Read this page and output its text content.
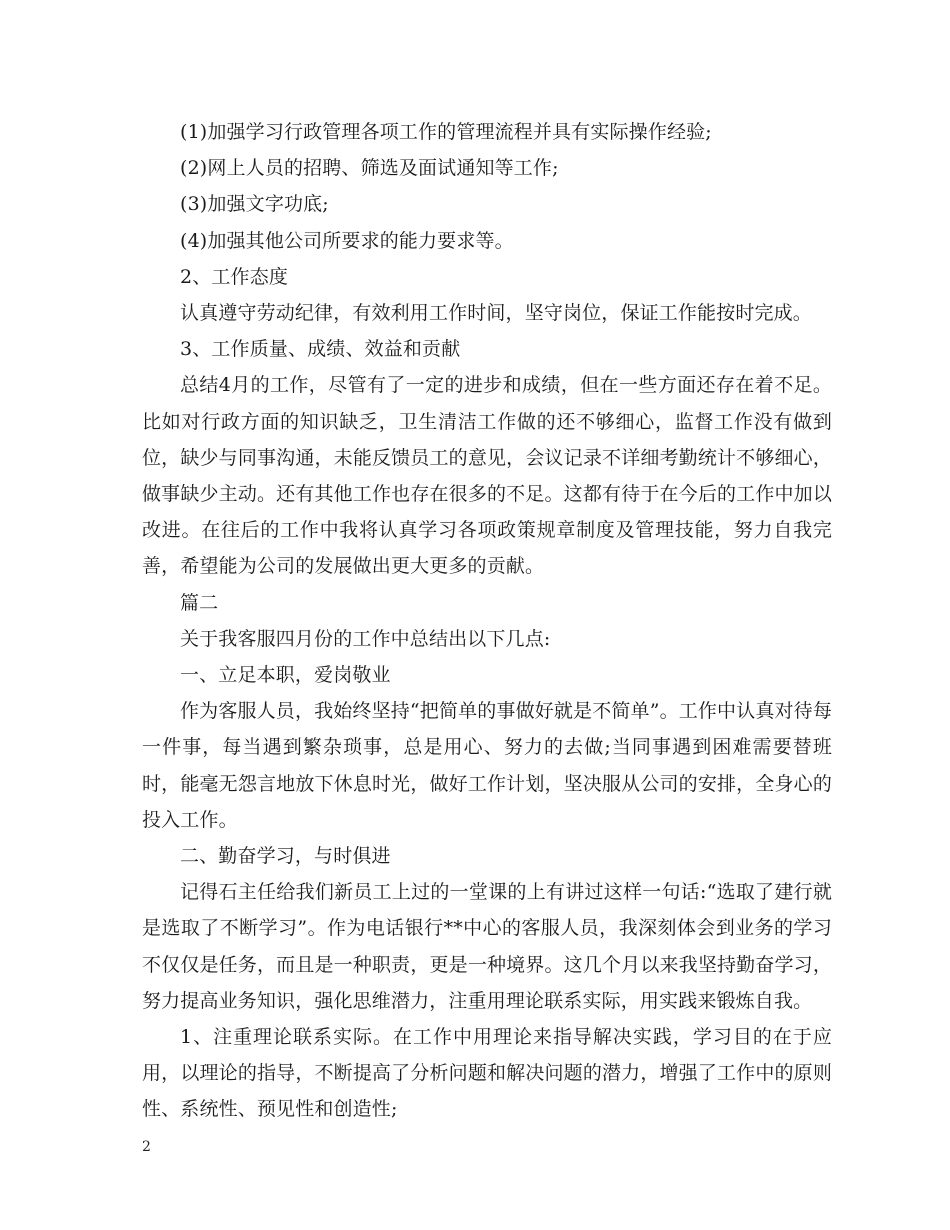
(1)加强学习行政管理各项工作的管理流程并具有实际操作经验;

(2)网上人员的招聘、筛选及面试通知等工作;

(3)加强文字功底;

(4)加强其他公司所要求的能力要求等。

2、工作态度

认真遵守劳动纪律，有效利用工作时间，坚守岗位，保证工作能按时完成。

3、工作质量、成绩、效益和贡献

总结4月的工作，尽管有了一定的进步和成绩，但在一些方面还存在着不足。比如对行政方面的知识缺乏，卫生清洁工作做的还不够细心，监督工作没有做到位，缺少与同事沟通，未能反馈员工的意见，会议记录不详细考勤统计不够细心，做事缺少主动。还有其他工作也存在很多的不足。这都有待于在今后的工作中加以改进。在往后的工作中我将认真学习各项政策规章制度及管理技能，努力自我完善，希望能为公司的发展做出更大更多的贡献。

篇二

关于我客服四月份的工作中总结出以下几点:

一、立足本职，爱岗敬业

作为客服人员，我始终坚持“把简单的事做好就是不简单”。工作中认真对待每一件事，每当遇到繁杂琐事，总是用心、努力的去做;当同事遇到困难需要替班时，能毫无怨言地放下休息时光，做好工作计划，坚决服从公司的安排，全身心的投入工作。

二、勤奋学习，与时俱进

记得石主任给我们新员工上过的一堂课的上有讲过这样一句话:“选取了建行就是选取了不断学习”。作为电话银行**中心的客服人员，我深刻体会到业务的学习不仅仅是任务，而且是一种职责，更是一种境界。这几个月以来我坚持勤奋学习，努力提高业务知识，强化思维潜力，注重用理论联系实际，用实践来锻炼自我。

1、注重理论联系实际。在工作中用理论来指导解决实践，学习目的在于应用，以理论的指导，不断提高了分析问题和解决问题的潜力，增强了工作中的原则性、系统性、预见性和创造性;

2
